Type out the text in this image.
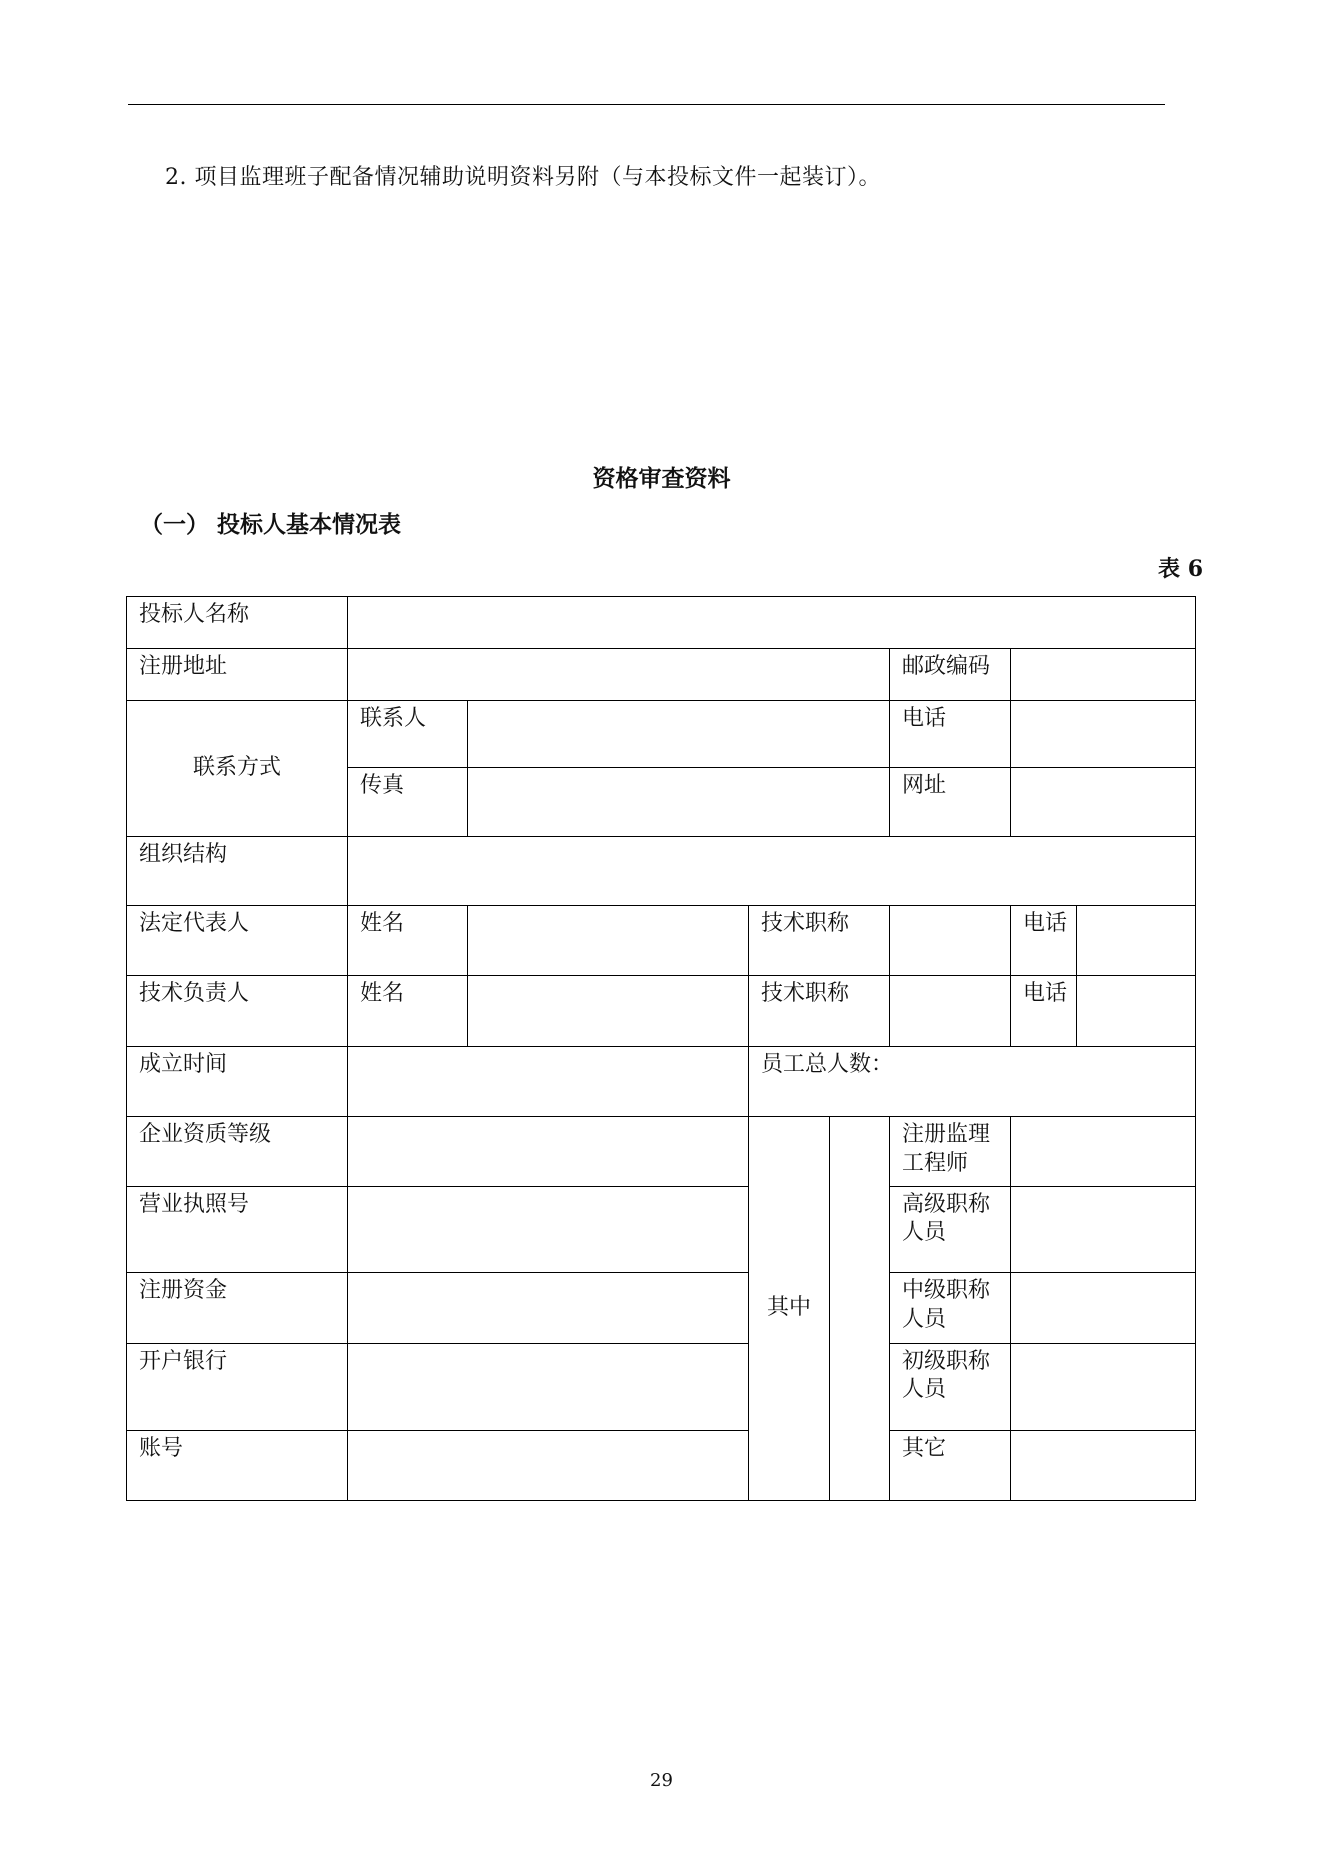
2. 项目监理班子配备情况辅助说明资料另附（与本投标文件一起装订）。
资格审查资料
（一） 投标人基本情况表
表 6
投标人名称					
注册地址				邮政编码	
联系方式	联系人			电话	
	传真			网址	
组织结构					
法定代表人	姓名		技术职称		电话

技术负责人	姓名		技术职称		电话

成立时间			员工总人数：		
企业资质等级			其中	注册监理工程师	
营业执照号				高级职称人员	
注册资金				中级职称人员	
开户银行				初级职称人员	
账号				其它	
29
